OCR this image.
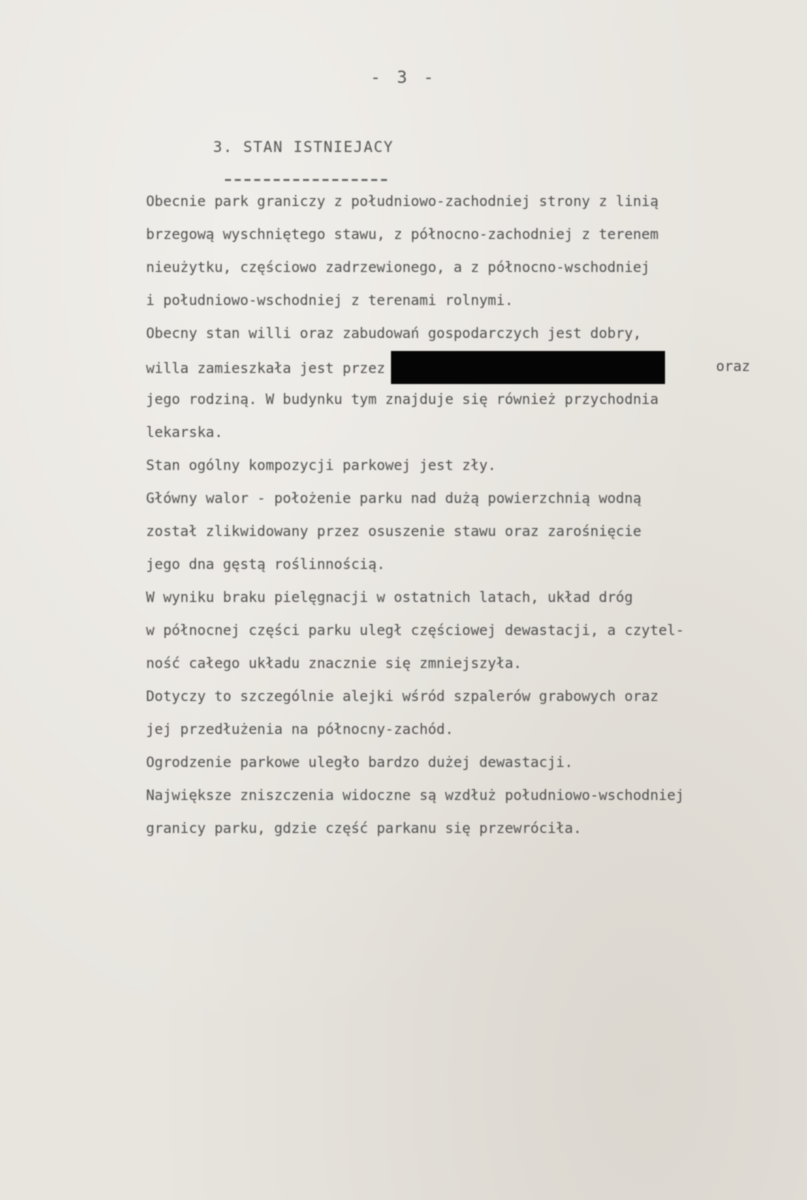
- 3 -

3. STAN ISTNIEJACY

Obecnie park graniczy z południowo-zachodniej strony z linią
brzegową wyschniętego stawu, z północno-zachodniej z terenem
nieużytku, częściowo zadrzewionego, a z północno-wschodniej
i południowo-wschodniej z terenami rolnymi.
Obecny stan willi oraz zabudowań gospodarczych jest dobry,
willa zamieszkała jest przez	oraz
jego rodziną. W budynku tym znajduje się również przychodnia
lekarska.
Stan ogólny kompozycji parkowej jest zły.
Główny walor - położenie parku nad dużą powierzchnią wodną
został zlikwidowany przez osuszenie stawu oraz zarośnięcie
jego dna gęstą roślinnością.
W wyniku braku pielęgnacji w ostatnich latach, układ dróg
w północnej części parku uległ częściowej dewastacji, a czytel-
ność całego układu znacznie się zmniejszyła.
Dotyczy to szczególnie alejki wśród szpalerów grabowych oraz
jej przedłużenia na północny-zachód.
Ogrodzenie parkowe uległo bardzo dużej dewastacji.
Największe zniszczenia widoczne są wzdłuż południowo-wschodniej
granicy parku, gdzie część parkanu się przewróciła.
